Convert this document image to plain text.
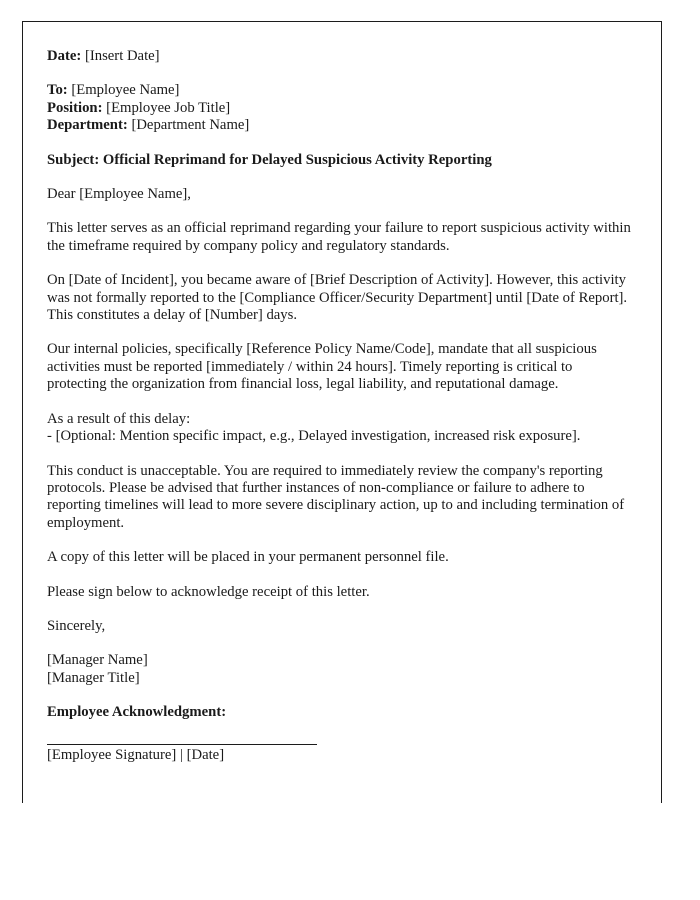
Date: [Insert Date]

To: [Employee Name]

Position: [Employee Job Title]

Department: [Department Name]

Subject: Official Reprimand for Delayed Suspicious Activity Reporting

Dear [Employee Name],

This letter serves as an official reprimand regarding your failure to report suspicious activity within the timeframe required by company policy and regulatory standards.

On [Date of Incident], you became aware of [Brief Description of Activity]. However, this activity was not formally reported to the [Compliance Officer/Security Department] until [Date of Report]. This constitutes a delay of [Number] days.

Our internal policies, specifically [Reference Policy Name/Code], mandate that all suspicious activities must be reported [immediately / within 24 hours]. Timely reporting is critical to protecting the organization from financial loss, legal liability, and reputational damage.

As a result of this delay:

- [Optional: Mention specific impact, e.g., Delayed investigation, increased risk exposure].

This conduct is unacceptable. You are required to immediately review the company's reporting protocols. Please be advised that further instances of non-compliance or failure to adhere to reporting timelines will lead to more severe disciplinary action, up to and including termination of employment.

A copy of this letter will be placed in your permanent personnel file.

Please sign below to acknowledge receipt of this letter.

Sincerely,

[Manager Name]

[Manager Title]

Employee Acknowledgment:

[Employee Signature] | [Date]
